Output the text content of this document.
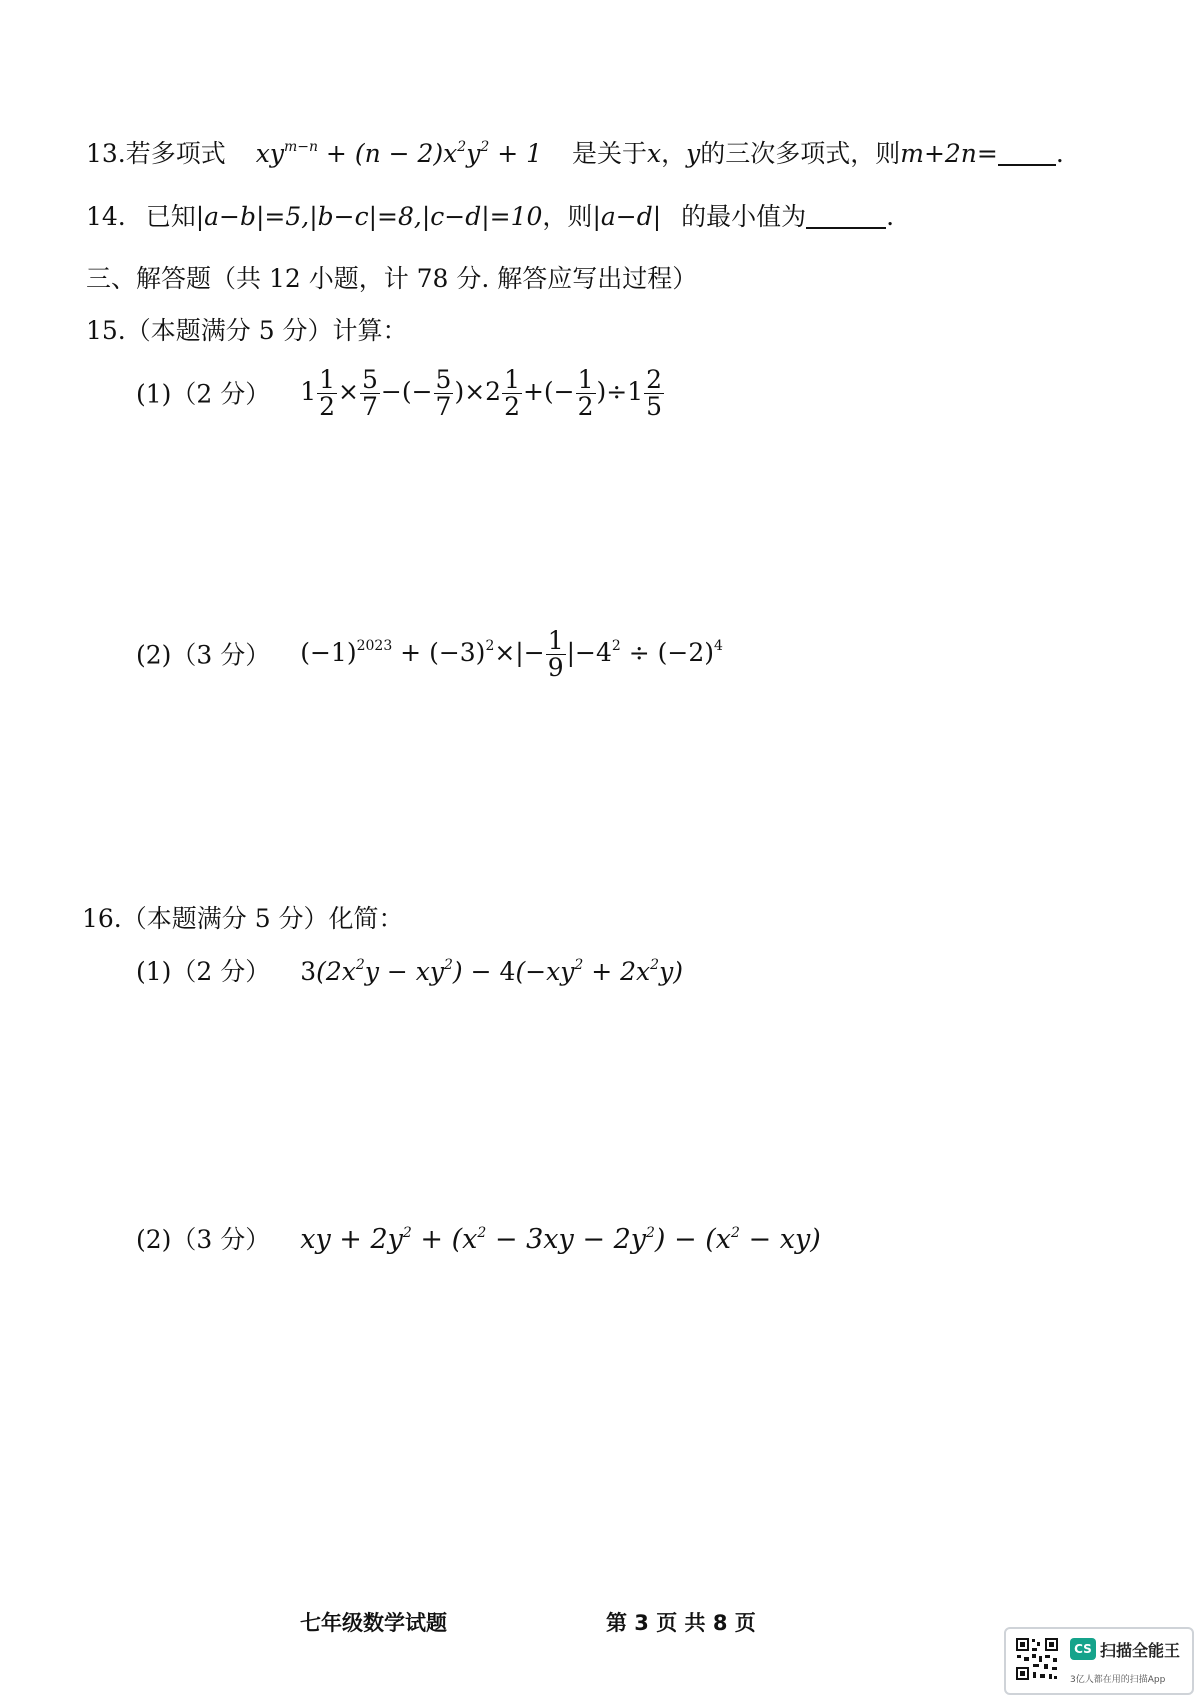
13.若多项式 $xy^{m-n} + (n - 2)x^2y^2 + 1$ 是关于x，y的三次多项式，则m+2n= .
14. 已知|a−b|=5,|b−c|=8,|c−d|=10，则|a−d| 的最小值为	.
三、解答题（共 12 小题，计 78 分. 解答应写出过程）
15.（本题满分 5 分）计算：
(1)（2 分） $1 \frac{1}{2} \times \frac{5}{7}$ −(− $\frac{5}{7} )\times 2 \frac{1}{2}$ +(− $\frac{1}{2} )\div 1 \frac{2}{5}$
(2)（3 分） $(-1)^{2023} + (-3)^2\times|- \frac{1}{9} |-4^2 \div (-2)^4$
16.（本题满分 5 分）化简：
(1)（2 分） $3(2x^2y - xy^2) - 4(-xy^2 + 2x^2y)$
(2)（3 分） xy + $2y^2 + (x^2 - 3xy - 2y^2) - (x^2 - xy)$
七年级数学试题	第 3 页 共 8 页
CS 扫描全能王
3亿人都在用的扫描App
